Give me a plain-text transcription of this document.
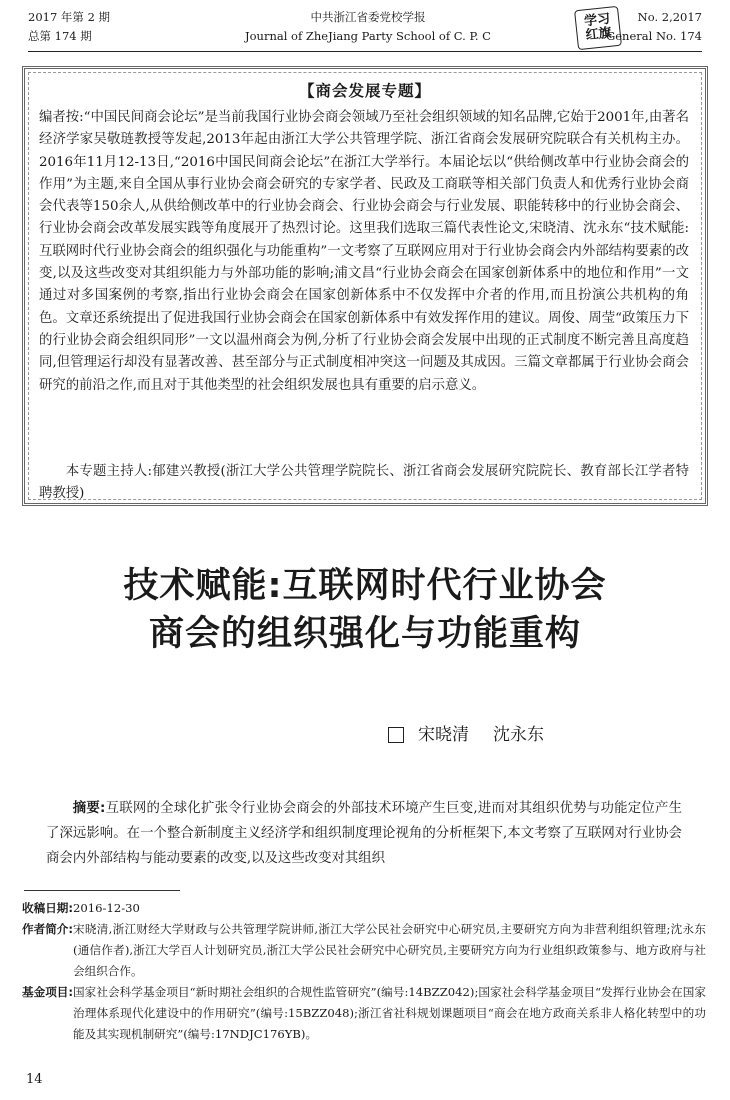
2017 年第 2 期
总第 174 期
中共浙江省委党校学报
Journal of ZheJiang Party School of C. P. C
学习红旗
No. 2,2017
General No. 174
【商会发展专题】
编者按:“中国民间商会论坛”是当前我国行业协会商会领域乃至社会组织领域的知名品牌,它始于2001年,由著名经济学家吴敬琏教授等发起,2013年起由浙江大学公共管理学院、浙江省商会发展研究院联合有关机构主办。2016年11月12-13日,“2016中国民间商会论坛”在浙江大学举行。本届论坛以“供给侧改革中行业协会商会的作用”为主题,来自全国从事行业协会商会研究的专家学者、民政及工商联等相关部门负责人和优秀行业协会商会代表等150余人,从供给侧改革中的行业协会商会、行业协会商会与行业发展、职能转移中的行业协会商会、行业协会商会改革发展实践等角度展开了热烈讨论。这里我们选取三篇代表性论文,宋晓清、沈永东“技术赋能:互联网时代行业协会商会的组织强化与功能重构”一文考察了互联网应用对于行业协会商会内外部结构要素的改变,以及这些改变对其组织能力与外部功能的影响;浦文昌“行业协会商会在国家创新体系中的地位和作用”一文通过对多国案例的考察,指出行业协会商会在国家创新体系中不仅发挥中介者的作用,而且扮演公共机构的角色。文章还系统提出了促进我国行业协会商会在国家创新体系中有效发挥作用的建议。周俊、周莹“政策压力下的行业协会商会组织同形”一文以温州商会为例,分析了行业协会商会发展中出现的正式制度不断完善且高度趋同,但管理运行却没有显著改善、甚至部分与正式制度相冲突这一问题及其成因。三篇文章都属于行业协会商会研究的前沿之作,而且对于其他类型的社会组织发展也具有重要的启示意义。
本专题主持人:郁建兴教授(浙江大学公共管理学院院长、浙江省商会发展研究院院长、教育部长江学者特聘教授)
技术赋能:互联网时代行业协会
商会的组织强化与功能重构
宋晓清 沈永东
摘要:互联网的全球化扩张令行业协会商会的外部技术环境产生巨变,进而对其组织优势与功能定位产生了深远影响。在一个整合新制度主义经济学和组织制度理论视角的分析框架下,本文考察了互联网对行业协会商会内外部结构与能动要素的改变,以及这些改变对其组织
收稿日期: 2016-12-30
作者简介: 宋晓清,浙江财经大学财政与公共管理学院讲师,浙江大学公民社会研究中心研究员,主要研究方向为非营利组织管理;沈永东(通信作者),浙江大学百人计划研究员,浙江大学公民社会研究中心研究员,主要研究方向为行业组织政策参与、地方政府与社会组织合作。
基金项目: 国家社会科学基金项目“新时期社会组织的合规性监管研究”(编号:14BZZ042);国家社会科学基金项目“发挥行业协会在国家治理体系现代化建设中的作用研究”(编号:15BZZ048);浙江省社科规划课题项目“商会在地方政商关系非人格化转型中的功能及其实现机制研究”(编号:17NDJC176YB)。
14
